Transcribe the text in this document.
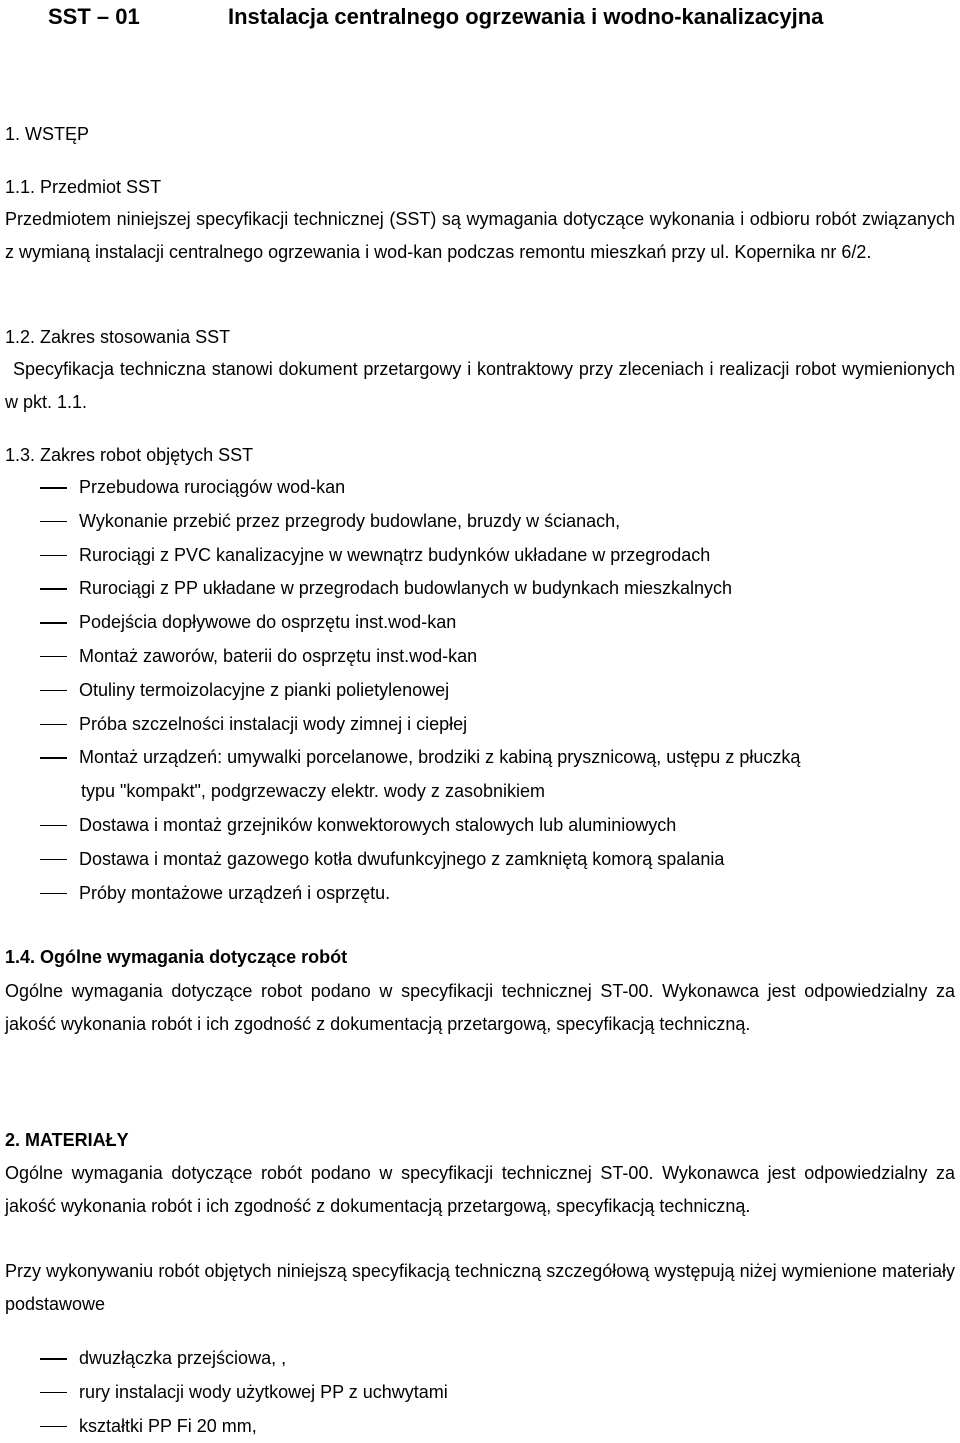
SST – 01	Instalacja centralnego ogrzewania i wodno-kanalizacyjna
1. WSTĘP
1.1. Przedmiot SST
Przedmiotem niniejszej specyfikacji technicznej (SST) są wymagania dotyczące wykonania i odbioru robót związanych z wymianą instalacji centralnego ogrzewania i wod-kan podczas remontu mieszkań przy ul. Kopernika nr 6/2.
1.2. Zakres stosowania SST
Specyfikacja techniczna stanowi dokument przetargowy i kontraktowy przy zleceniach i realizacji robot wymienionych w pkt. 1.1.
1.3. Zakres robot objętych SST
Przebudowa rurociągów wod-kan
Wykonanie przebić przez przegrody budowlane, bruzdy w ścianach,
Rurociągi z PVC kanalizacyjne w wewnątrz budynków układane w przegrodach
Rurociągi z PP układane w przegrodach budowlanych w budynkach mieszkalnych
Podejścia dopływowe do osprzętu inst.wod-kan
Montaż zaworów, baterii do osprzętu inst.wod-kan
Otuliny termoizolacyjne z pianki polietylenowej
Próba szczelności instalacji wody zimnej i ciepłej
Montaż urządzeń: umywalki porcelanowe, brodziki z kabiną prysznicową, ustępu z płuczką
typu "kompakt", podgrzewaczy elektr. wody z zasobnikiem
Dostawa i montaż grzejników konwektorowych stalowych lub aluminiowych
Dostawa i montaż gazowego kotła dwufunkcyjnego z zamkniętą komorą spalania
Próby montażowe urządzeń i osprzętu.
1.4. Ogólne wymagania dotyczące robót
Ogólne wymagania dotyczące robot podano w specyfikacji technicznej ST-00. Wykonawca jest odpowiedzialny za jakość wykonania robót i ich zgodność z dokumentacją przetargową, specyfikacją techniczną.
2. MATERIAŁY
Ogólne wymagania dotyczące robót podano w specyfikacji technicznej ST-00. Wykonawca jest odpowiedzialny za jakość wykonania robót i ich zgodność z dokumentacją przetargową, specyfikacją techniczną.
Przy wykonywaniu robót objętych niniejszą specyfikacją techniczną szczegółową występują niżej wymienione materiały podstawowe
dwuzłączka przejściowa, ,
rury instalacji wody użytkowej PP z uchwytami
kształtki PP Fi 20 mm,
